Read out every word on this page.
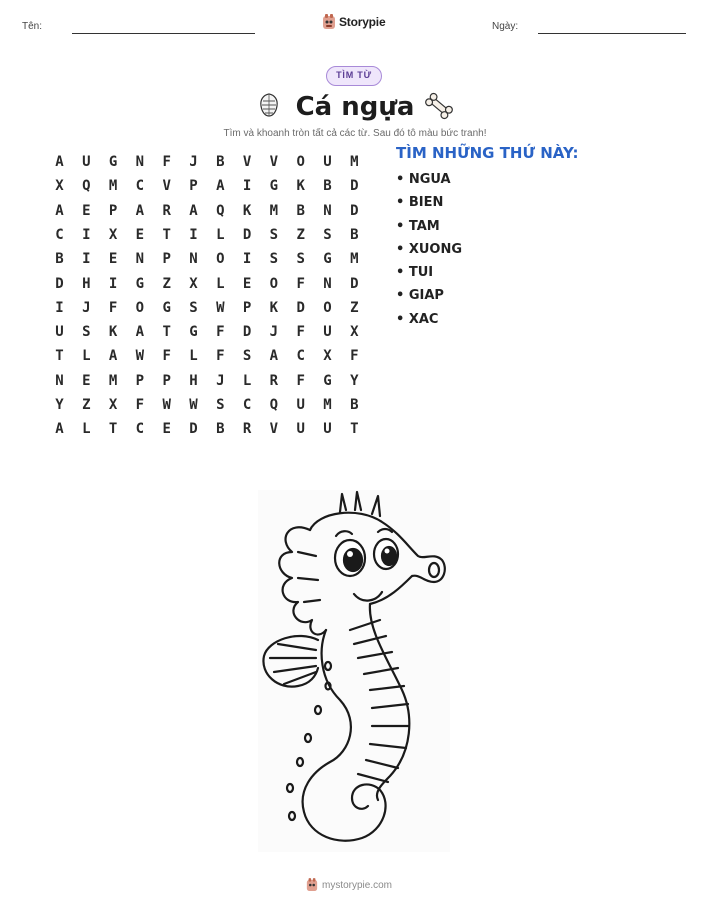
Tên:	Storypie	Ngày:
TÌM TỪ
Cá ngựa
Tìm và khoanh tròn tất cả các từ. Sau đó tô màu bức tranh!
A	U	G	N	F	J	B	V	V	O	U	M
X	Q	M	C	V	P	A	I	G	K	B	D
A	E	P	A	R	A	Q	K	M	B	N	D
C	I	X	E	T	I	L	D	S	Z	S	B
B	I	E	N	P	N	O	I	S	S	G	M
D	H	I	G	Z	X	L	E	O	F	N	D
I	J	F	O	G	S	W	P	K	D	O	Z
U	S	K	A	T	G	F	D	J	F	U	X
T	L	A	W	F	L	F	S	A	C	X	F
N	E	M	P	P	H	J	L	R	F	G	Y
Y	Z	X	F	W	W	S	C	Q	U	M	B
A	L	T	C	E	D	B	R	V	U	U	T
TÌM NHỮNG THỨ NÀY:
• NGUA
• BIEN
• TAM
• XUONG
• TUI
• GIAP
• XAC
mystorypie.com
